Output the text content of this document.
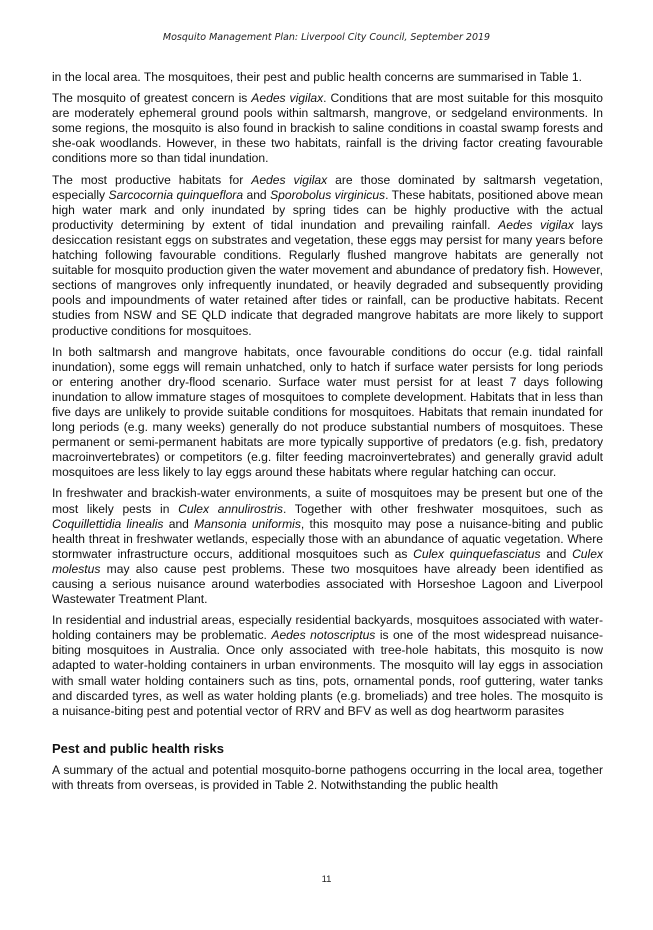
Mosquito Management Plan: Liverpool City Council, September 2019

in the local area. The mosquitoes, their pest and public health concerns are summarised in Table 1.

The mosquito of greatest concern is Aedes vigilax. Conditions that are most suitable for this mosquito are moderately ephemeral ground pools within saltmarsh, mangrove, or sedgeland environments. In some regions, the mosquito is also found in brackish to saline conditions in coastal swamp forests and she-oak woodlands. However, in these two habitats, rainfall is the driving factor creating favourable conditions more so than tidal inundation.

The most productive habitats for Aedes vigilax are those dominated by saltmarsh vegetation, especially Sarcocornia quinqueflora and Sporobolus virginicus. These habitats, positioned above mean high water mark and only inundated by spring tides can be highly productive with the actual productivity determining by extent of tidal inundation and prevailing rainfall. Aedes vigilax lays desiccation resistant eggs on substrates and vegetation, these eggs may persist for many years before hatching following favourable conditions. Regularly flushed mangrove habitats are generally not suitable for mosquito production given the water movement and abundance of predatory fish. However, sections of mangroves only infrequently inundated, or heavily degraded and subsequently providing pools and impoundments of water retained after tides or rainfall, can be productive habitats. Recent studies from NSW and SE QLD indicate that degraded mangrove habitats are more likely to support productive conditions for mosquitoes.

In both saltmarsh and mangrove habitats, once favourable conditions do occur (e.g. tidal rainfall inundation), some eggs will remain unhatched, only to hatch if surface water persists for long periods or entering another dry-flood scenario. Surface water must persist for at least 7 days following inundation to allow immature stages of mosquitoes to complete development. Habitats that in less than five days are unlikely to provide suitable conditions for mosquitoes. Habitats that remain inundated for long periods (e.g. many weeks) generally do not produce substantial numbers of mosquitoes. These permanent or semi-permanent habitats are more typically supportive of predators (e.g. fish, predatory macroinvertebrates) or competitors (e.g. filter feeding macroinvertebrates) and generally gravid adult mosquitoes are less likely to lay eggs around these habitats where regular hatching can occur.

In freshwater and brackish-water environments, a suite of mosquitoes may be present but one of the most likely pests in Culex annulirostris. Together with other freshwater mosquitoes, such as Coquillettidia linealis and Mansonia uniformis, this mosquito may pose a nuisance-biting and public health threat in freshwater wetlands, especially those with an abundance of aquatic vegetation. Where stormwater infrastructure occurs, additional mosquitoes such as Culex quinquefasciatus and Culex molestus may also cause pest problems. These two mosquitoes have already been identified as causing a serious nuisance around waterbodies associated with Horseshoe Lagoon and Liverpool Wastewater Treatment Plant.

In residential and industrial areas, especially residential backyards, mosquitoes associated with water-holding containers may be problematic. Aedes notoscriptus is one of the most widespread nuisance-biting mosquitoes in Australia. Once only associated with tree-hole habitats, this mosquito is now adapted to water-holding containers in urban environments. The mosquito will lay eggs in association with small water holding containers such as tins, pots, ornamental ponds, roof guttering, water tanks and discarded tyres, as well as water holding plants (e.g. bromeliads) and tree holes. The mosquito is a nuisance-biting pest and potential vector of RRV and BFV as well as dog heartworm parasites

Pest and public health risks

A summary of the actual and potential mosquito-borne pathogens occurring in the local area, together with threats from overseas, is provided in Table 2. Notwithstanding the public health

11
